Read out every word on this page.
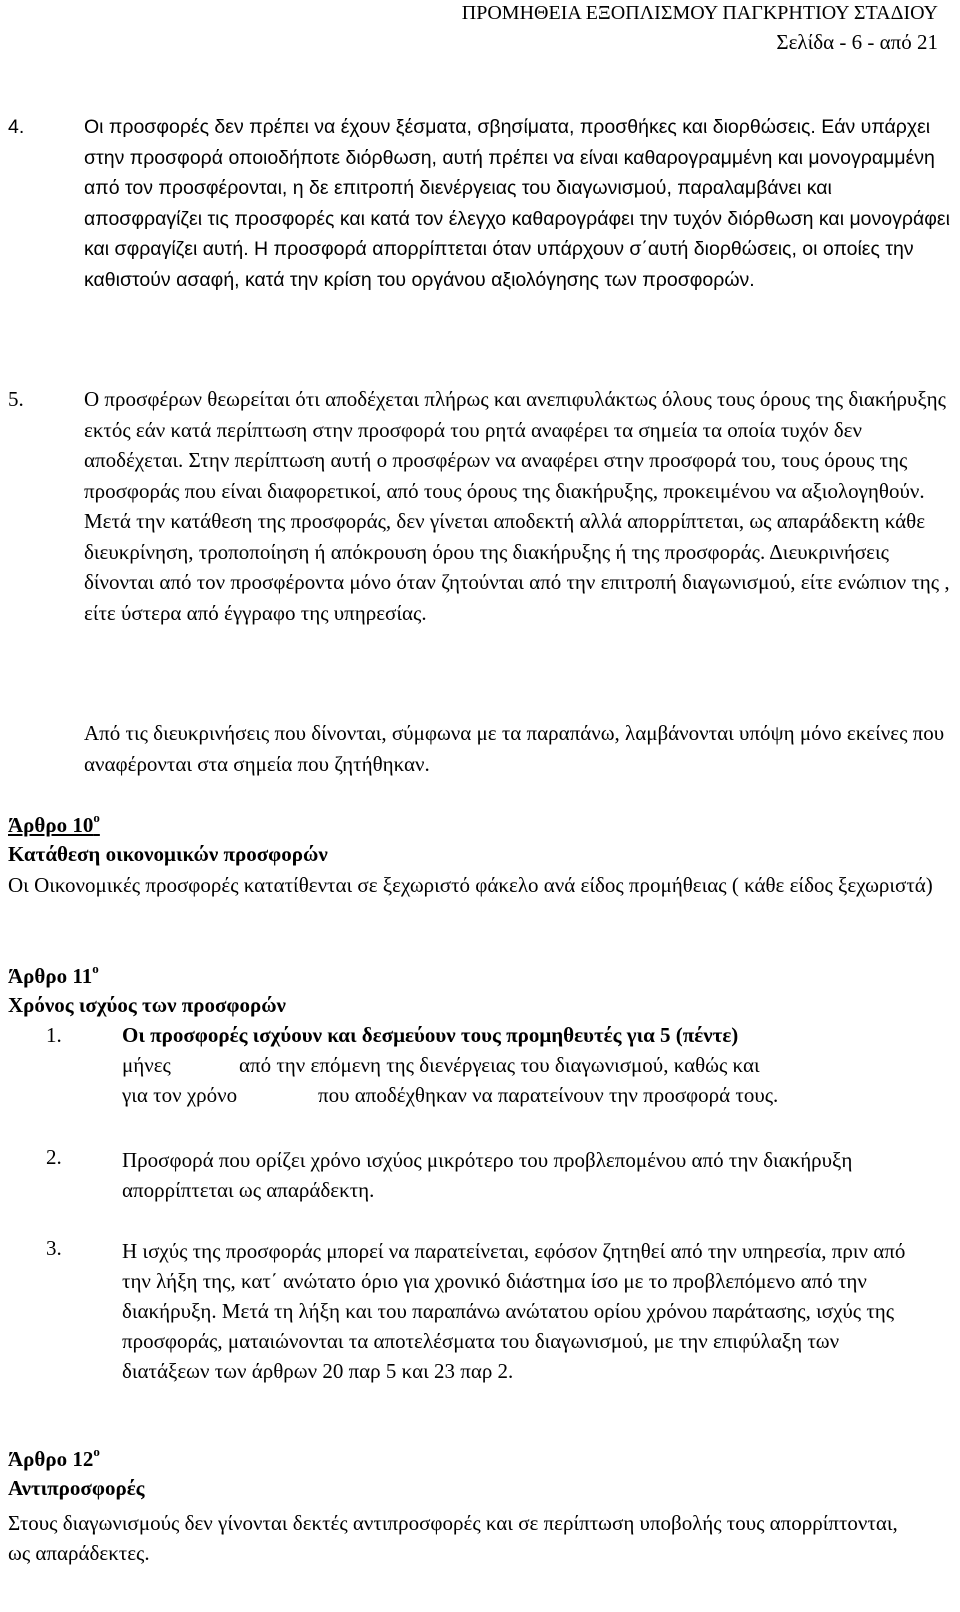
ΠΡΟΜΗΘΕΙΑ ΕΞΟΠΛΙΣΜΟΥ ΠΑΓΚΡΗΤΙΟΥ ΣΤΑΔΙΟΥ
Σελίδα - 6 - από 21
4.	Οι προσφορές δεν πρέπει να έχουν ξέσματα, σβησίματα, προσθήκες και διορθώσεις. Εάν υπάρχει στην προσφορά οποιοδήποτε διόρθωση, αυτή πρέπει να είναι καθαρογραμμένη και μονογραμμένη από τον προσφέρονται, η δε επιτροπή διενέργειας του διαγωνισμού, παραλαμβάνει και αποσφραγίζει τις προσφορές και κατά τον έλεγχο καθαρογράφει την τυχόν διόρθωση και μονογράφει και σφραγίζει αυτή. Η προσφορά απορρίπτεται όταν υπάρχουν σ΄αυτή διορθώσεις, οι οποίες την καθιστούν ασαφή, κατά την κρίση του οργάνου αξιολόγησης των προσφορών.
5.	Ο προσφέρων θεωρείται ότι αποδέχεται πλήρως και ανεπιφυλάκτως όλους τους όρους της διακήρυξης εκτός εάν κατά περίπτωση στην προσφορά του ρητά αναφέρει τα σημεία τα οποία τυχόν δεν αποδέχεται. Στην περίπτωση αυτή ο προσφέρων να αναφέρει στην προσφορά του, τους όρους της προσφοράς που είναι διαφορετικοί, από τους όρους της διακήρυξης, προκειμένου να αξιολογηθούν. Μετά την κατάθεση της προσφοράς, δεν γίνεται αποδεκτή αλλά απορρίπτεται, ως απαράδεκτη κάθε διευκρίνηση, τροποποίηση ή απόκρουση όρου της διακήρυξης ή της προσφοράς. Διευκρινήσεις δίνονται από τον προσφέροντα μόνο όταν ζητούνται από την επιτροπή διαγωνισμού, είτε ενώπιον της , είτε ύστερα από έγγραφο της υπηρεσίας.
Από τις διευκρινήσεις που δίνονται, σύμφωνα με τα παραπάνω, λαμβάνονται υπόψη μόνο εκείνες που αναφέρονται στα σημεία που ζητήθηκαν.
Άρθρο $10^o$
Κατάθεση οικονομικών προσφορών
Οι Οικονομικές προσφορές κατατίθενται σε ξεχωριστό φάκελο ανά είδος προμήθειας ( κάθε είδος ξεχωριστά)
Άρθρο $11^o$
Χρόνος ισχύος των προσφορών
1.	Οι προσφορές ισχύουν και δεσμεύουν τους προμηθευτές για 5 (πέντε)
μήνες	από την επόμενη της διενέργειας του διαγωνισμού, καθώς και
για τον χρόνο	που αποδέχθηκαν να παρατείνουν την προσφορά τους.
2.	Προσφορά που ορίζει χρόνο ισχύος μικρότερο του προβλεπομένου από την διακήρυξη απορρίπτεται ως απαράδεκτη.
3.	Η ισχύς της προσφοράς μπορεί να παρατείνεται, εφόσον ζητηθεί από την υπηρεσία, πριν από την λήξη της, κατ΄ ανώτατο όριο για χρονικό διάστημα ίσο με το προβλεπόμενο από την διακήρυξη. Μετά τη λήξη και του παραπάνω ανώτατου ορίου χρόνου παράτασης, ισχύς της προσφοράς, ματαιώνονται τα αποτελέσματα του διαγωνισμού, με την επιφύλαξη των διατάξεων των άρθρων 20 παρ 5 και 23 παρ 2.
Άρθρο $12^o$
Αντιπροσφορές
Στους διαγωνισμούς δεν γίνονται δεκτές αντιπροσφορές και σε περίπτωση υποβολής τους απορρίπτονται, ως απαράδεκτες.
